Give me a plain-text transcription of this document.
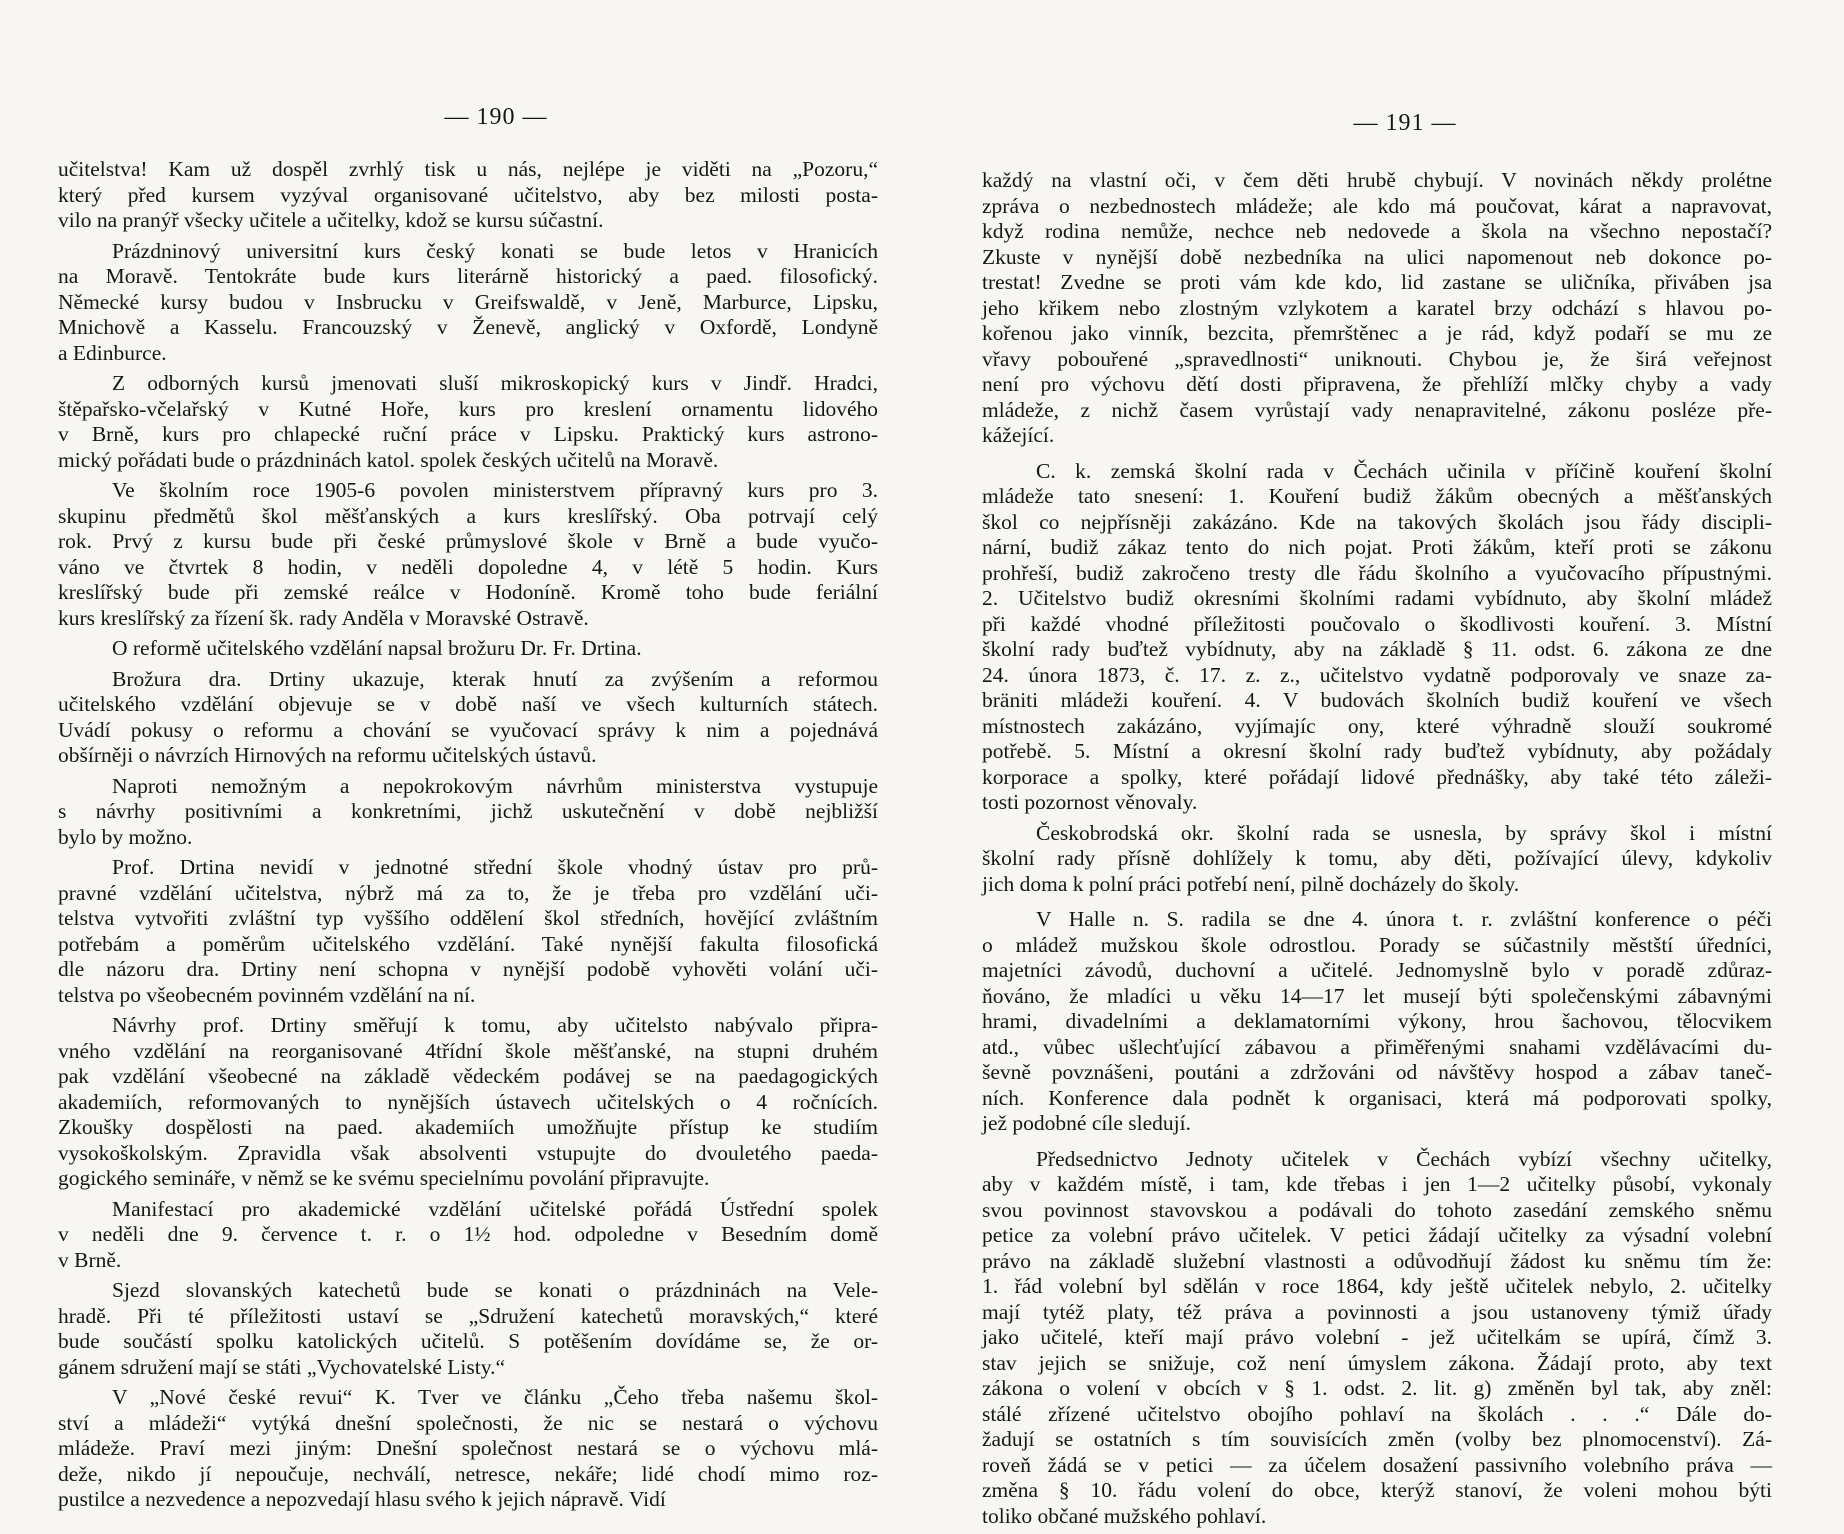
— 190 —
učitelstva! Kam už dospěl zvrhlý tisk u nás, nejlépe je viděti na „Pozoru,“
který před kursem vyzýval organisované učitelstvo, aby bez milosti posta-
vilo na pranýř všecky učitele a učitelky, kdož se kursu súčastní.
Prázdninový universitní kurs český konati se bude letos v Hranicích
na Moravě. Tentokráte bude kurs literárně historický a paed. filosofický.
Německé kursy budou v Insbrucku v Greifswaldě, v Jeně, Marburce, Lipsku,
Mnichově a Kasselu. Francouzský v Ženevě, anglický v Oxfordě, Londyně
a Edinburce.
Z odborných kursů jmenovati sluší mikroskopický kurs v Jindř. Hradci,
štěpařsko-včelařský v Kutné Hoře, kurs pro kreslení ornamentu lidového
v Brně, kurs pro chlapecké ruční práce v Lipsku. Praktický kurs astrono-
mický pořádati bude o prázdninách katol. spolek českých učitelů na Moravě.
Ve školním roce 1905-6 povolen ministerstvem přípravný kurs pro 3.
skupinu předmětů škol měšťanských a kurs kreslířský. Oba potrvají celý
rok. Prvý z kursu bude při české průmyslové škole v Brně a bude vyučo-
váno ve čtvrtek 8 hodin, v neděli dopoledne 4, v létě 5 hodin. Kurs
kreslířský bude při zemské reálce v Hodoníně. Kromě toho bude feriální
kurs kreslířský za řízení šk. rady Anděla v Moravské Ostravě.
O reformě učitelského vzdělání napsal brožuru Dr. Fr. Drtina.
Brožura dra. Drtiny ukazuje, kterak hnutí za zvýšením a reformou
učitelského vzdělání objevuje se v době naší ve všech kulturních státech.
Uvádí pokusy o reformu a chování se vyučovací správy k nim a pojednává
obšírněji o návrzích Hirnových na reformu učitelských ústavů.
Naproti nemožným a nepokrokovým návrhům ministerstva vystupuje
s návrhy positivními a konkretními, jichž uskutečnění v době nejbližší
bylo by možno.
Prof. Drtina nevidí v jednotné střední škole vhodný ústav pro prů-
pravné vzdělání učitelstva, nýbrž má za to, že je třeba pro vzdělání uči-
telstva vytvořiti zvláštní typ vyššího oddělení škol středních, hovějící zvláštním
potřebám a poměrům učitelského vzdělání. Také nynější fakulta filosofická
dle názoru dra. Drtiny není schopna v nynější podobě vyhověti volání uči-
telstva po všeobecném povinném vzdělání na ní.
Návrhy prof. Drtiny směřují k tomu, aby učitelsto nabývalo připra-
vného vzdělání na reorganisované 4třídní škole měšťanské, na stupni druhém
pak vzdělání všeobecné na základě vědeckém podávej se na paedagogických
akademiích, reformovaných to nynějších ústavech učitelských o 4 ročnících.
Zkoušky dospělosti na paed. akademiích umožňujte přístup ke studiím
vysokoškolským. Zpravidla však absolventi vstupujte do dvouletého paeda-
gogického semináře, v němž se ke svému specielnímu povolání připravujte.
Manifestací pro akademické vzdělání učitelské pořádá Ústřední spolek
v neděli dne 9. července t. r. o 1½ hod. odpoledne v Besedním domě
v Brně.
Sjezd slovanských katechetů bude se konati o prázdninách na Vele-
hradě. Při té příležitosti ustaví se „Sdružení katechetů moravských,“ které
bude součástí spolku katolických učitelů. S potěšením dovídáme se, že or-
gánem sdružení mají se státi „Vychovatelské Listy.“
V „Nové české revui“ K. Tver ve článku „Čeho třeba našemu škol-
ství a mládeži“ vytýká dnešní společnosti, že nic se nestará o výchovu
mládeže. Praví mezi jiným: Dnešní společnost nestará se o výchovu mlá-
deže, nikdo jí nepoučuje, nechválí, netresce, nekáře; lidé chodí mimo roz-
pustilce a nezvedence a nepozvedají hlasu svého k jejich nápravě. Vidí
— 191 —
každý na vlastní oči, v čem děti hrubě chybují. V novinách někdy prolétne
zpráva o nezbednostech mládeže; ale kdo má poučovat, kárat a napravovat,
když rodina nemůže, nechce neb nedovede a škola na všechno nepostačí?
Zkuste v nynější době nezbedníka na ulici napomenout neb dokonce po-
trestat! Zvedne se proti vám kde kdo, lid zastane se uličníka, přiváben jsa
jeho křikem nebo zlostným vzlykotem a karatel brzy odchází s hlavou po-
kořenou jako vinník, bezcita, přemrštěnec a je rád, když podaří se mu ze
vřavy pobouřené „spravedlnosti“ uniknouti. Chybou je, že širá veřejnost
není pro výchovu dětí dosti připravena, že přehlíží mlčky chyby a vady
mládeže, z nichž časem vyrůstají vady nenapravitelné, zákonu posléze pře-
kážející.
C. k. zemská školní rada v Čechách učinila v příčině kouření školní
mládeže tato snesení: 1. Kouření budiž žákům obecných a měšťanských
škol co nejpřísněji zakázáno. Kde na takových školách jsou řády discipli-
nární, budiž zákaz tento do nich pojat. Proti žákům, kteří proti se zákonu
prohřeší, budiž zakročeno tresty dle řádu školního a vyučovacího přípustnými.
2. Učitelstvo budiž okresními školními radami vybídnuto, aby školní mládež
při každé vhodné příležitosti poučovalo o škodlivosti kouření. 3. Místní
školní rady buďtež vybídnuty, aby na základě § 11. odst. 6. zákona ze dne
24. února 1873, č. 17. z. z., učitelstvo vydatně podporovaly ve snaze za-
bräniti mládeži kouření. 4. V budovách školních budiž kouření ve všech
místnostech zakázáno, vyjímajíc ony, které výhradně slouží soukromé
potřebě. 5. Místní a okresní školní rady buďtež vybídnuty, aby požádaly
korporace a spolky, které pořádají lidové přednášky, aby také této záleži-
tosti pozornost věnovaly.
Českobrodská okr. školní rada se usnesla, by správy škol i místní
školní rady přísně dohlížely k tomu, aby děti, požívající úlevy, kdykoliv
jich doma k polní práci potřebí není, pilně docházely do školy.
V Halle n. S. radila se dne 4. února t. r. zvláštní konference o péči
o mládež mužskou škole odrostlou. Porady se súčastnily městští úředníci,
majetníci závodů, duchovní a učitelé. Jednomyslně bylo v poradě zdůraz-
ňováno, že mladíci u věku 14—17 let musejí býti společenskými zábavnými
hrami, divadelními a deklamatorními výkony, hrou šachovou, tělocvikem
atd., vůbec ušlechťující zábavou a přiměřenými snahami vzdělávacími du-
ševně povznášeni, poutáni a zdržováni od návštěvy hospod a zábav taneč-
ních. Konference dala podnět k organisaci, která má podporovati spolky,
jež podobné cíle sledují.
Předsednictvo Jednoty učitelek v Čechách vybízí všechny učitelky,
aby v každém místě, i tam, kde třebas i jen 1—2 učitelky působí, vykonaly
svou povinnost stavovskou a podávali do tohoto zasedání zemského sněmu
petice za volební právo učitelek. V petici žádají učitelky za výsadní volební
právo na základě služební vlastnosti a odůvodňují žádost ku sněmu tím že:
1. řád volební byl sdělán v roce 1864, kdy ještě učitelek nebylo, 2. učitelky
mají tytéž platy, též práva a povinnosti a jsou ustanoveny týmiž úřady
jako učitelé, kteří mají právo volební - jež učitelkám se upírá, čímž 3.
stav jejich se snižuje, což není úmyslem zákona. Žádají proto, aby text
zákona o volení v obcích v § 1. odst. 2. lit. g) změněn byl tak, aby zněl:
stálé zřízené učitelstvo obojího pohlaví na školách . . .“ Dále do-
žadují se ostatních s tím souvisících změn (volby bez plnomocenství). Zá-
roveň žádá se v petici — za účelem dosažení passivního volebního práva —
změna § 10. řádu volení do obce, kterýž stanoví, že voleni mohou býti
toliko občané mužského pohlaví.
